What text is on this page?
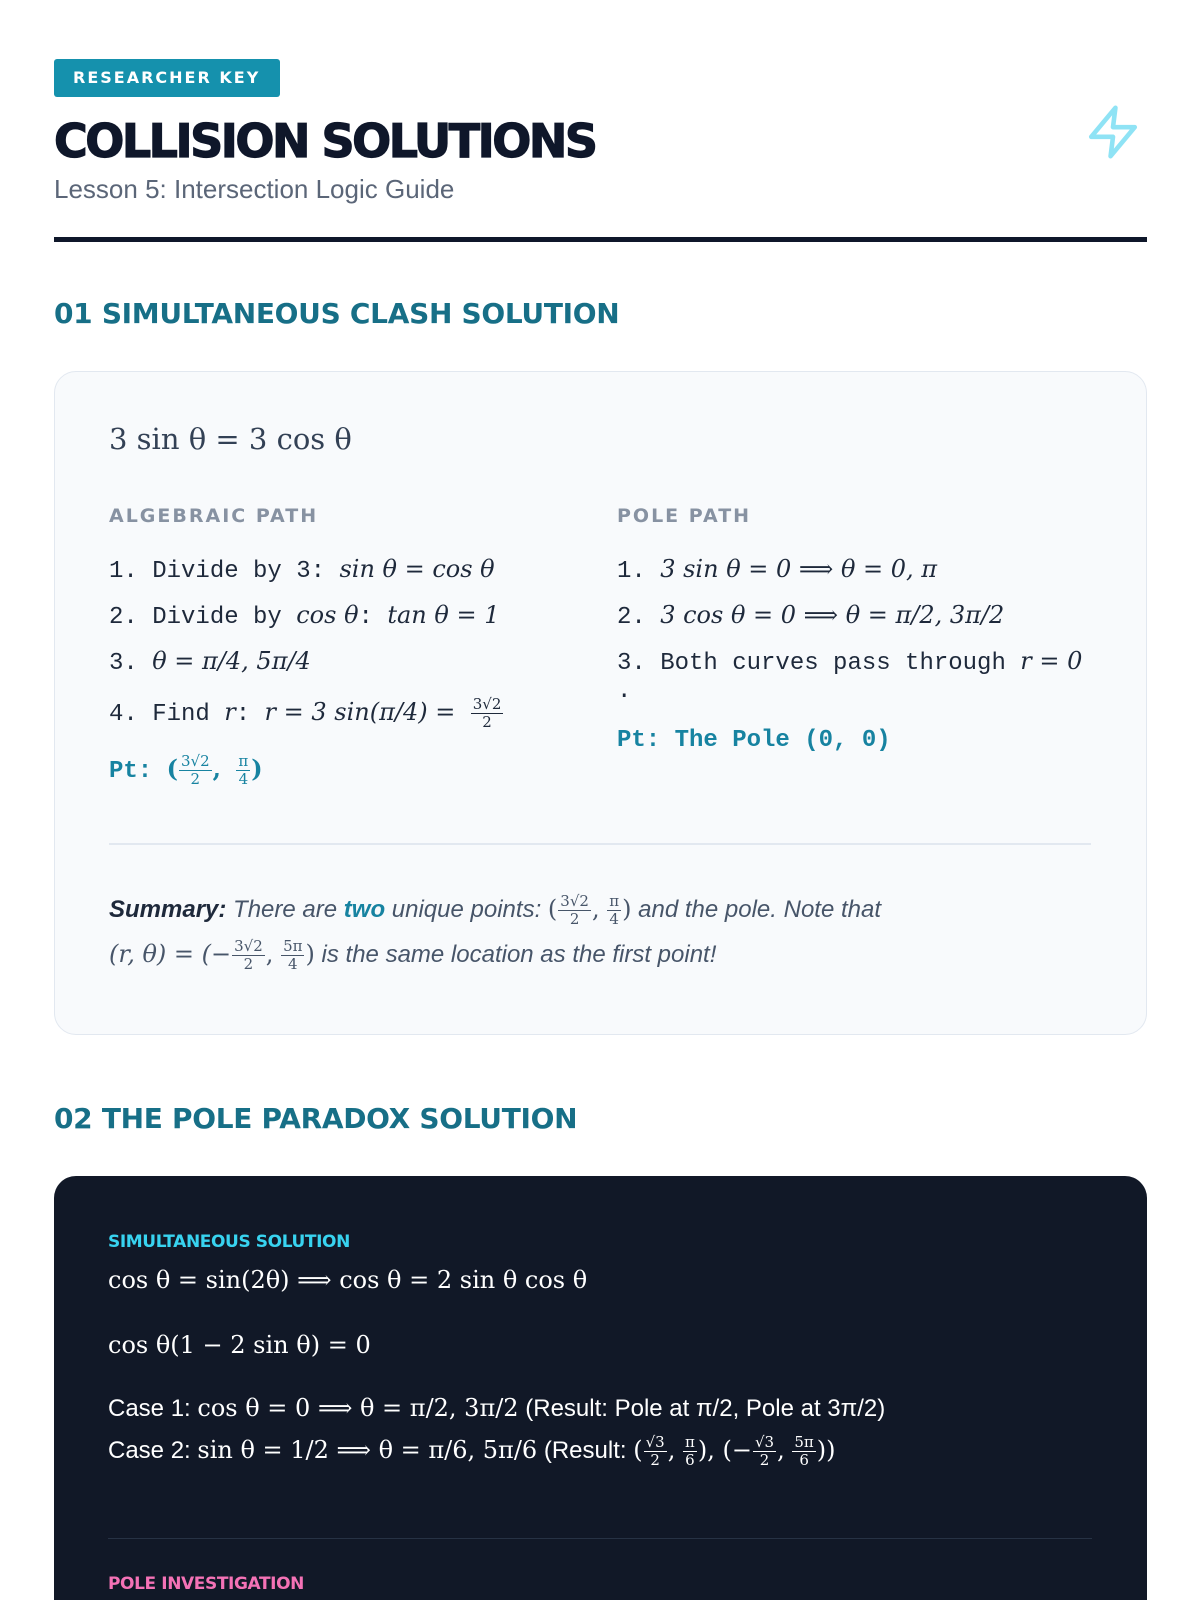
RESEARCHER KEY
COLLISION SOLUTIONS
Lesson 5: Intersection Logic Guide
01 SIMULTANEOUS CLASH SOLUTION
3 sin θ = 3 cos θ
ALGEBRAIC PATH	POLE PATH
1. Divide by 3: sin θ = cos θ
2. Divide by cos θ: tan θ = 1
3. θ = π/4, 5π/4
4. Find r: r = 3 $\sin(\pi/4) = \frac{3√2}{2}$
Pt: ( $\frac{3√2}{2}$ , $\frac{\pi}{4}$ )
1. 3 sin θ = 0 ⟹ θ = 0, π
2. 3 cos θ = 0 ⟹ θ = π/2, 3π/2
3. Both curves pass through r = 0
.
Pt: The Pole (0, 0)
Summary: There are two unique points: ( $\frac{3√2}{2}$ , $\frac{\pi}{4}$ ) and the pole. Note that
(r, θ) = (− $\frac{3√2}{2}$ , $\frac{5\pi}{4}$ ) is the same location as the first point!
02 THE POLE PARADOX SOLUTION
SIMULTANEOUS SOLUTION
cos θ = sin(2θ) ⟹ cos θ = 2 sin θ cos θ
cos θ(1 − 2 sin θ) = 0
Case 1: cos θ = 0 ⟹ θ = π/2, 3π/2 (Result: Pole at π/2, Pole at 3π/2)
Case 2: sin θ = 1/2 ⟹ θ = π/6, 5π/6 (Result: ( $\frac{√3}{2}$ , $\frac{\pi}{6}$ ), (− $\frac{√3}{2}$ , $\frac{5\pi}{6}$ ))
POLE INVESTIGATION
